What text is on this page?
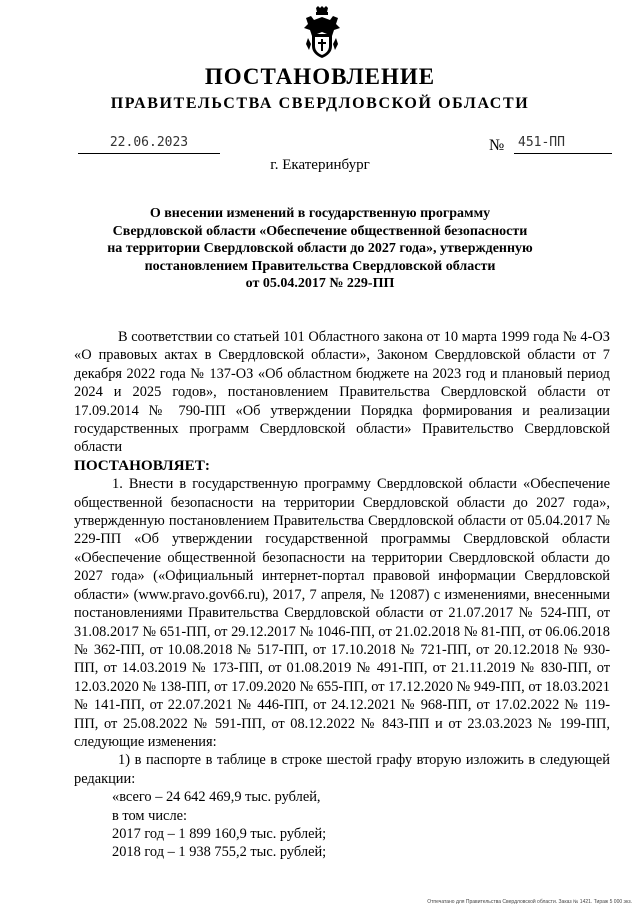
ПОСТАНОВЛЕНИЕ
ПРАВИТЕЛЬСТВА СВЕРДЛОВСКОЙ ОБЛАСТИ
22.06.2023	№	451-ПП
г. Екатеринбург
О внесении изменений в государственную программу
Свердловской области «Обеспечение общественной безопасности
на территории Свердловской области до 2027 года», утвержденную
постановлением Правительства Свердловской области
от 05.04.2017 № 229-ПП

В соответствии со статьей 101 Областного закона от 10 марта 1999 года № 4-ОЗ «О правовых актах в Свердловской области», Законом Свердловской области от 7 декабря 2022 года № 137-ОЗ «Об областном бюджете на 2023 год и плановый период 2024 и 2025 годов», постановлением Правительства Свердловской области от 17.09.2014 № 790-ПП «Об утверждении Порядка формирования и реализации государственных программ Свердловской области» Правительство Свердловской области

ПОСТАНОВЛЯЕТ:

1. Внести в государственную программу Свердловской области «Обеспечение общественной безопасности на территории Свердловской области до 2027 года», утвержденную постановлением Правительства Свердловской области от 05.04.2017 № 229-ПП «Об утверждении государственной программы Свердловской области «Обеспечение общественной безопасности на территории Свердловской области до 2027 года» («Официальный интернет-портал правовой информации Свердловской области» (www.pravo.gov66.ru), 2017, 7 апреля, № 12087) с изменениями, внесенными постановлениями Правительства Свердловской области от 21.07.2017 № 524-ПП, от 31.08.2017 № 651-ПП, от 29.12.2017 № 1046-ПП, от 21.02.2018 № 81-ПП, от 06.06.2018 № 362-ПП, от 10.08.2018 № 517-ПП, от 17.10.2018 № 721-ПП, от 20.12.2018 № 930-ПП, от 14.03.2019 № 173-ПП, от 01.08.2019 № 491-ПП, от 21.11.2019 № 830-ПП, от 12.03.2020 № 138-ПП, от 17.09.2020 № 655-ПП, от 17.12.2020 № 949-ПП, от 18.03.2021 № 141-ПП, от 22.07.2021 № 446-ПП, от 24.12.2021 № 968-ПП, от 17.02.2022 № 119-ПП, от 25.08.2022 № 591-ПП, от 08.12.2022 № 843-ПП и от 23.03.2023 № 199-ПП, следующие изменения:

1) в паспорте в таблице в строке шестой графу вторую изложить в следующей редакции:

«всего – 24 642 469,9 тыс. рублей,

в том числе:

2017 год – 1 899 160,9 тыс. рублей;

2018 год – 1 938 755,2 тыс. рублей;

Отпечатано для Правительства Свердловской области. Заказ № 1421. Тираж 5 000 экз.
